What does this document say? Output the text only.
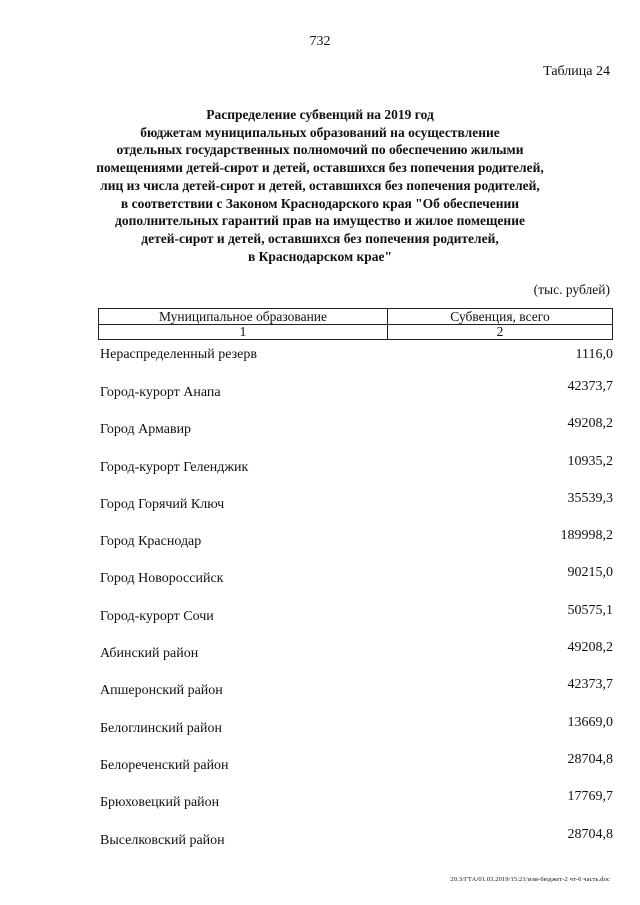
732
Таблица 24
Распределение субвенций на 2019 год
бюджетам муниципальных образований на осуществление
отдельных государственных полномочий по обеспечению жилыми
помещениями детей-сирот и детей, оставшихся без попечения родителей,
лиц из числа детей-сирот и детей, оставшихся без попечения родителей,
в соответствии с Законом Краснодарского края "Об обеспечении
дополнительных гарантий прав на имущество и жилое помещение
детей-сирот и детей, оставшихся без попечения родителей,
в Краснодарском крае"
(тыс. рублей)
Муниципальное образование	Субвенция, всего
1	2
Нераспределенный резерв	1116,0
Город-курорт Анапа	42373,7
Город Армавир	49208,2
Город-курорт Геленджик	10935,2
Город Горячий Ключ	35539,3
Город Краснодар	189998,2
Город Новороссийск	90215,0
Город-курорт Сочи	50575,1
Абинский район	49208,2
Апшеронский район	42373,7
Белоглинский район	13669,0
Белореченский район	28704,8
Брюховецкий район	17769,7
Выселковский район	28704,8
20.3/ГТА/01.03.2019/15:21/изм-бюджет-2 чт-6 часть.doc
